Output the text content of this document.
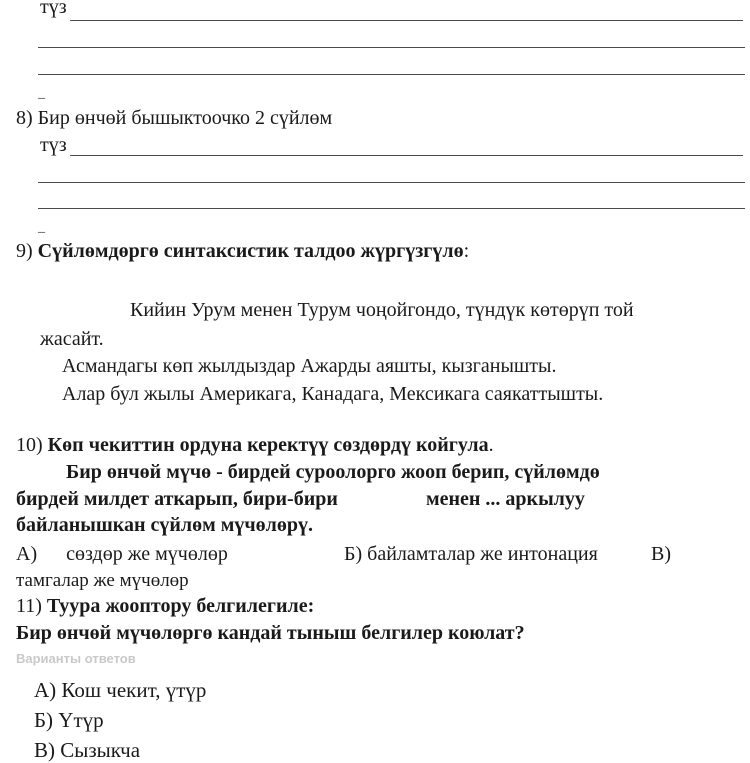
түз
_
8) Бир өнчөй бышыктоочко 2 сүйлөм
түз
_
9) Сүйлөмдөргө синтаксистик талдоо жүргүзгүлө:
Кийин Урум менен Турум чоңойгондо, түндүк көтөрүп той
жасайт.
Асмандагы көп жылдыздар Ажарды аяшты, кызганышты.
Алар бул жылы Америкага, Канадага, Мексикага саякаттышты.
10) Көп чекиттин ордуна керектүү сөздөрдү койгула.
Бир өнчөй мүчө - бирдей суроолорго жооп берип, сүйлөмдө
бирдей милдет аткарып, бири-бири	менен ... аркылуу
байланышкан сүйлөм мүчөлөрү.
А) сөздөр же мүчөлөр	Б) байламталар же интонация	В)
тамгалар же мүчөлөр
11) Туура жооптору белгилегиле:
Бир өнчөй мүчөлөргө кандай тыныш белгилер коюлат?
Варианты ответов
А) Кош чекит, үтүр
Б) Үтүр
В) Сызыкча
